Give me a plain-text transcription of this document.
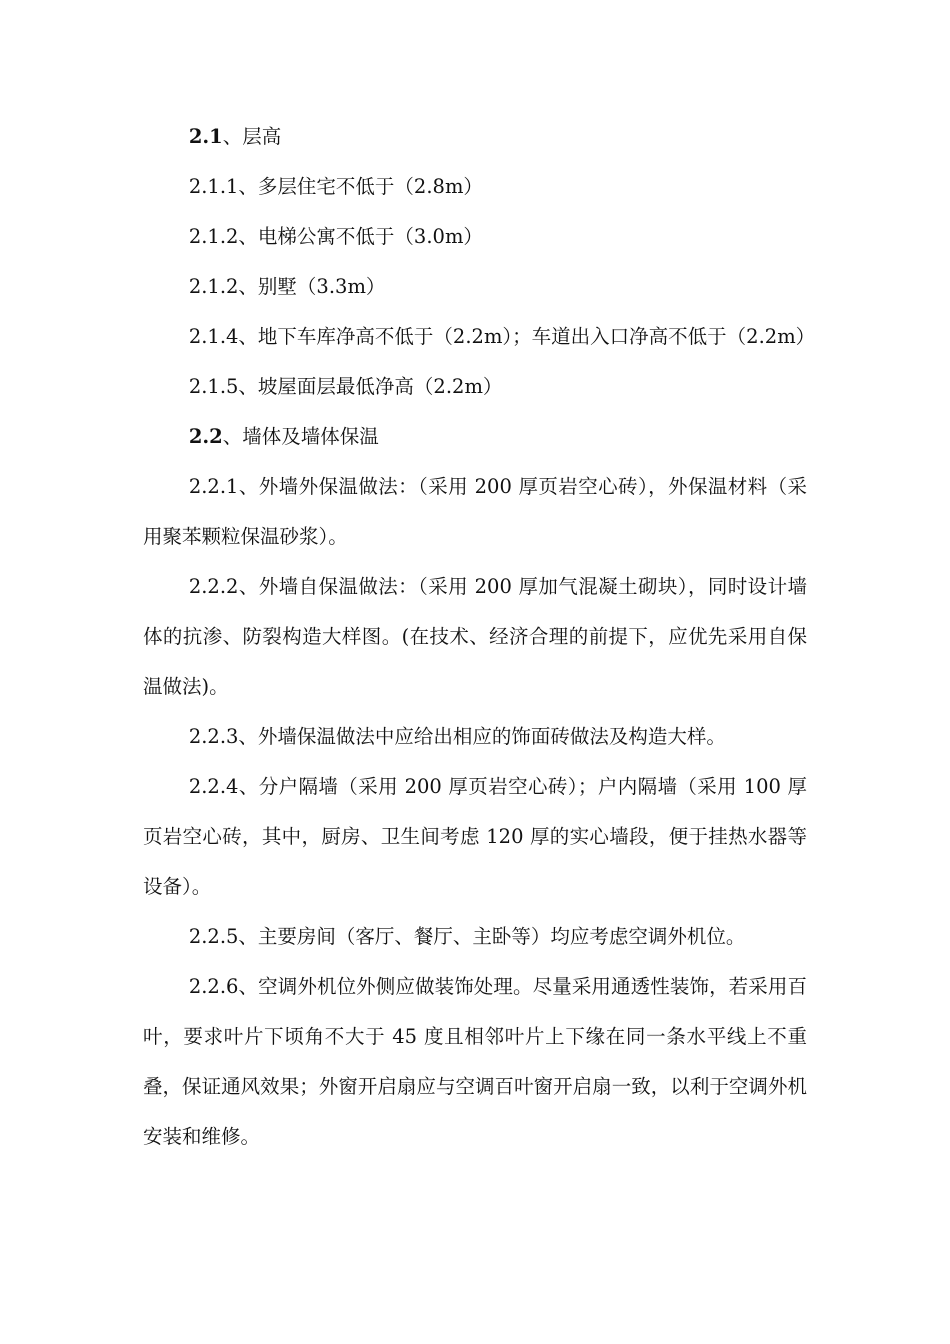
2.1、层高

2.1.1、多层住宅不低于（2.8m）

2.1.2、电梯公寓不低于（3.0m）

2.1.2、别墅（3.3m）

2.1.4、地下车库净高不低于（2.2m）；车道出入口净高不低于（2.2m）

2.1.5、坡屋面层最低净高（2.2m）

2.2、墙体及墙体保温

2.2.1、外墙外保温做法：（采用 200 厚页岩空心砖），外保温材料（采用聚苯颗粒保温砂浆）。

2.2.2、外墙自保温做法：（采用 200 厚加气混凝土砌块），同时设计墙体的抗渗、防裂构造大样图。(在技术、经济合理的前提下，应优先采用自保温做法)。

2.2.3、外墙保温做法中应给出相应的饰面砖做法及构造大样。

2.2.4、分户隔墙（采用 200 厚页岩空心砖）；户内隔墙（采用 100 厚页岩空心砖，其中，厨房、卫生间考虑 120 厚的实心墙段，便于挂热水器等设备）。

2.2.5、主要房间（客厅、餐厅、主卧等）均应考虑空调外机位。

2.2.6、空调外机位外侧应做装饰处理。尽量采用通透性装饰，若采用百叶，要求叶片下顷角不大于 45 度且相邻叶片上下缘在同一条水平线上不重叠，保证通风效果；外窗开启扇应与空调百叶窗开启扇一致，以利于空调外机安装和维修。
